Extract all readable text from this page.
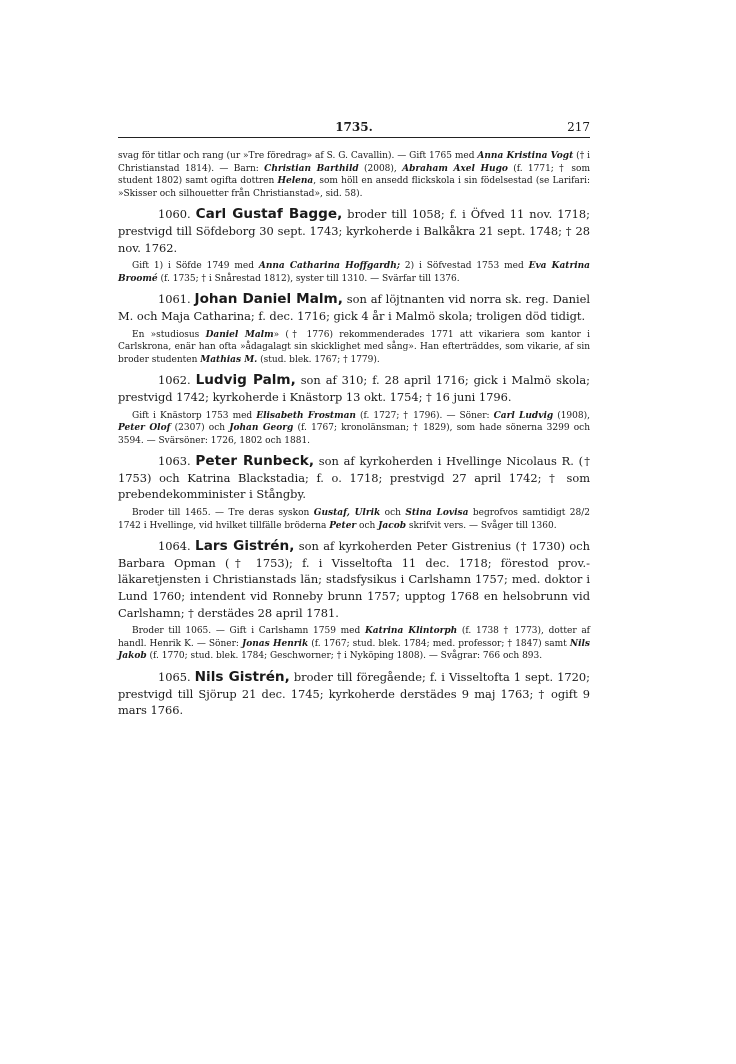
1735.	217

svag för titlar och rang (ur »Tre föredrag» af S. G. Cavallin). — Gift 1765 med Anna Kristina Vogt († i Christianstad 1814). — Barn: Christian Barthild (2008), Abraham Axel Hugo (f. 1771; † som student 1802) samt ogifta dottren Helena, som höll en ansedd flickskola i sin födelsestad (se Larifari: »Skisser och silhouetter från Christianstad», sid. 58).

1060. Carl Gustaf Bagge, broder till 1058; f. i Öfved 11 nov. 1718; prestvigd till Söfdeborg 30 sept. 1743; kyrkoherde i Balkåkra 21 sept. 1748; † 28 nov. 1762.

Gift 1) i Söfde 1749 med Anna Catharina Hoffgardh; 2) i Söfvestad 1753 med Eva Katrina Broomé (f. 1735; † i Snårestad 1812), syster till 1310. — Svärfar till 1376.

1061. Johan Daniel Malm, son af löjtnanten vid norra sk. reg. Daniel M. och Maja Catharina; f. dec. 1716; gick 4 år i Malmö skola; troligen död tidigt.

En »studiosus Daniel Malm» († 1776) rekommenderades 1771 att vikariera som kantor i Carlskrona, enär han ofta »ådagalagt sin skicklighet med sång». Han efterträddes, som vikarie, af sin broder studenten Mathias M. (stud. blek. 1767; † 1779).

1062. Ludvig Palm, son af 310; f. 28 april 1716; gick i Malmö skola; prestvigd 1742; kyrkoherde i Knästorp 13 okt. 1754; † 16 juni 1796.

Gift i Knästorp 1753 med Elisabeth Frostman (f. 1727; † 1796). — Söner: Carl Ludvig (1908), Peter Olof (2307) och Johan Georg (f. 1767; kronolänsman; † 1829), som hade sönerna 3299 och 3594. — Svärsöner: 1726, 1802 och 1881.

1063. Peter Runbeck, son af kyrkoherden i Hvellinge Nicolaus R. († 1753) och Katrina Blackstadia; f. o. 1718; prestvigd 27 april 1742; † som prebendekomminister i Stångby.

Broder till 1465. — Tre deras syskon Gustaf, Ulrik och Stina Lovisa begrofvos samtidigt 28/2 1742 i Hvellinge, vid hvilket tillfälle bröderna Peter och Jacob skrifvit vers. — Svåger till 1360.

1064. Lars Gistrén, son af kyrkoherden Peter Gistrenius († 1730) och Barbara Opman († 1753); f. i Visseltofta 11 dec. 1718; förestod prov.-läkaretjensten i Christianstads län; stadsfysikus i Carlshamn 1757; med. doktor i Lund 1760; intendent vid Ronneby brunn 1757; upptog 1768 en helsobrunn vid Carlshamn; † derstädes 28 april 1781.

Broder till 1065. — Gift i Carlshamn 1759 med Katrina Klintorph (f. 1738 † 1773), dotter af handl. Henrik K. — Söner: Jonas Henrik (f. 1767; stud. blek. 1784; med. professor; † 1847) samt Nils Jakob (f. 1770; stud. blek. 1784; Geschworner; † i Nyköping 1808). — Svågrar: 766 och 893.

1065. Nils Gistrén, broder till föregående; f. i Visseltofta 1 sept. 1720; prestvigd till Sjörup 21 dec. 1745; kyrkoherde derstädes 9 maj 1763; † ogift 9 mars 1766.
